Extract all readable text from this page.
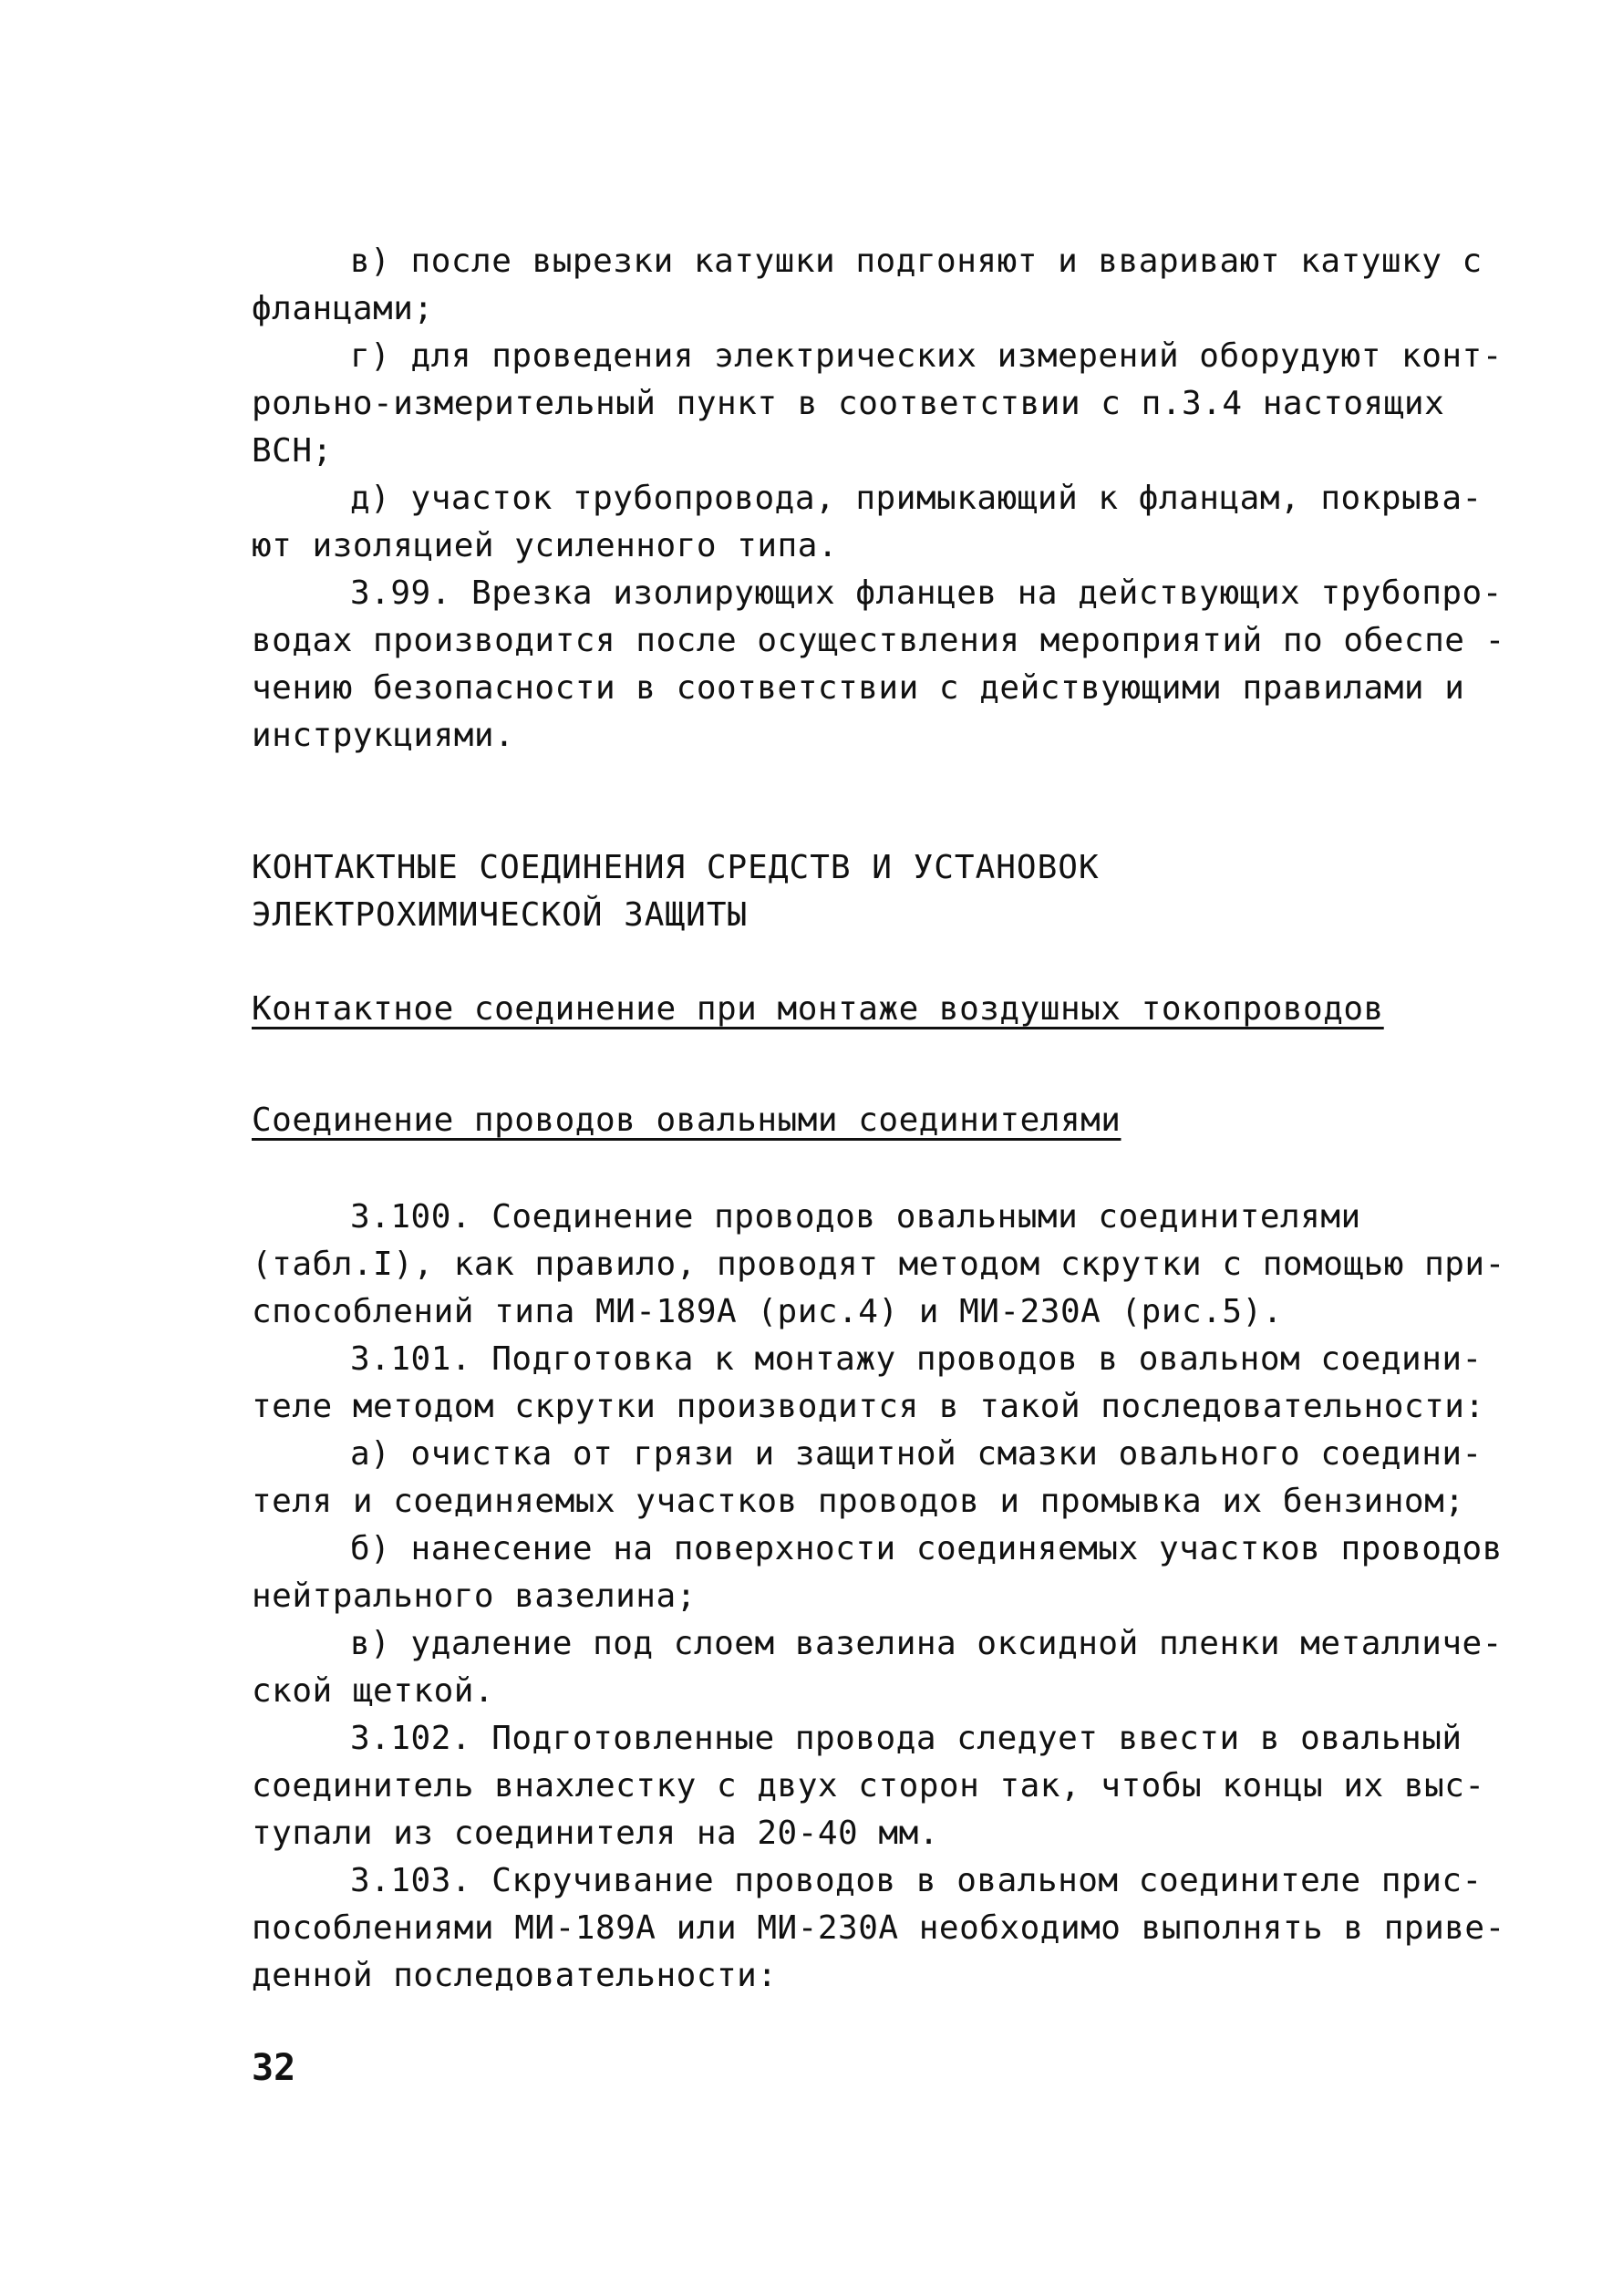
в) после вырезки катушки подгоняют и вваривают катушку с
фланцами;
г) для проведения электрических измерений оборудуют конт-
рольно-измерительный пункт в соответствии с п.3.4 настоящих
ВСН;
д) участок трубопровода, примыкающий к фланцам, покрыва-
ют изоляцией усиленного типа.
3.99. Врезка изолирующих фланцев на действующих трубопро-
водах производится после осуществления мероприятий по обеспе -
чению безопасности в соответствии с действующими правилами и
инструкциями.
КОНТАКТНЫЕ СОЕДИНЕНИЯ СРЕДСТВ И УСТАНОВОК
ЭЛЕКТРОХИМИЧЕСКОЙ ЗАЩИТЫ
Контактное соединение при монтаже воздушных токопроводов
Соединение проводов овальными соединителями
3.100. Соединение проводов овальными соединителями
(табл.I), как правило, проводят методом скрутки с помощью при-
способлений типа МИ-189А (рис.4) и МИ-230А (рис.5).
3.101. Подготовка к монтажу проводов в овальном соедини-
теле методом скрутки производится в такой последовательности:
а) очистка от грязи и защитной смазки овального соедини-
теля и соединяемых участков проводов и промывка их бензином;
б) нанесение на поверхности соединяемых участков проводов
нейтрального вазелина;
в) удаление под слоем вазелина оксидной пленки металличе-
ской щеткой.
3.102. Подготовленные провода следует ввести в овальный
соединитель внахлестку с двух сторон так, чтобы концы их выс-
тупали из соединителя на 20-40 мм.
3.103. Скручивание проводов в овальном соединителе прис-
пособлениями МИ-189А или МИ-230А необходимо выполнять в приве-
денной последовательности:
32
